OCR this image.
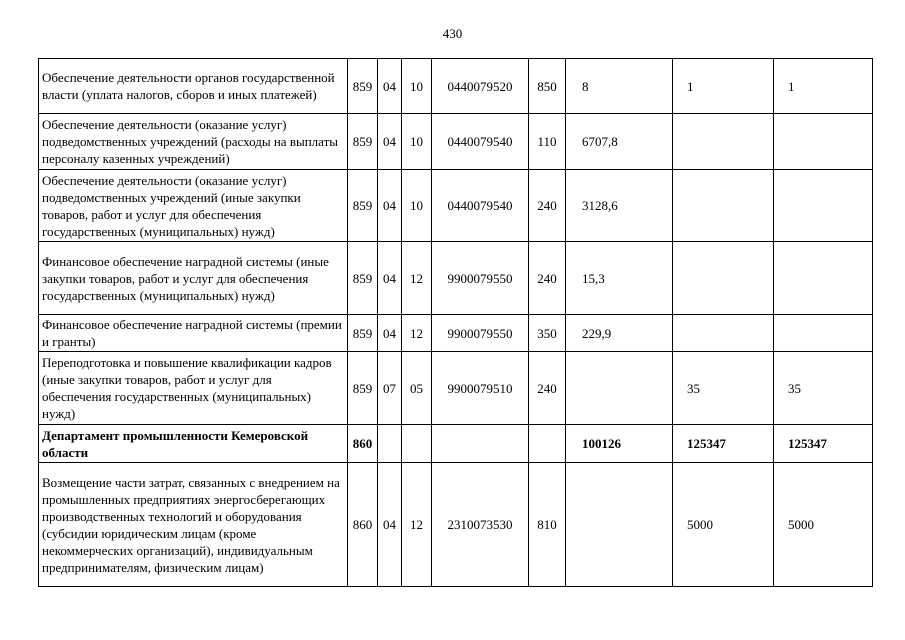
430
Обеспечение деятельности органов государственной власти (уплата налогов, сборов и иных платежей)	859	04	10	0440079520	850	8	1	1
Обеспечение деятельности (оказание услуг) подведомственных учреждений (расходы на выплаты персоналу казенных учреждений)	859	04	10	0440079540	110	6707,8		
Обеспечение деятельности (оказание услуг) подведомственных учреждений (иные закупки товаров, работ и услуг для обеспечения государственных (муниципальных) нужд)	859	04	10	0440079540	240	3128,6		
Финансовое обеспечение наградной системы (иные закупки товаров, работ и услуг для обеспечения государственных (муниципальных) нужд)	859	04	12	9900079550	240	15,3		
Финансовое обеспечение наградной системы (премии и гранты)	859	04	12	9900079550	350	229,9		
Переподготовка и повышение квалификации кадров (иные закупки товаров, работ и услуг для обеспечения государственных (муниципальных) нужд)	859	07	05	9900079510	240		35	35
Департамент промышленности Кемеровской области	860					100126	125347	125347
Возмещение части затрат, связанных с внедрением на промышленных предприятиях энергосберегающих производственных технологий и оборудования (субсидии юридическим лицам (кроме некоммерческих организаций), индивидуальным предпринимателям, физическим лицам)	860	04	12	2310073530	810		5000	5000
